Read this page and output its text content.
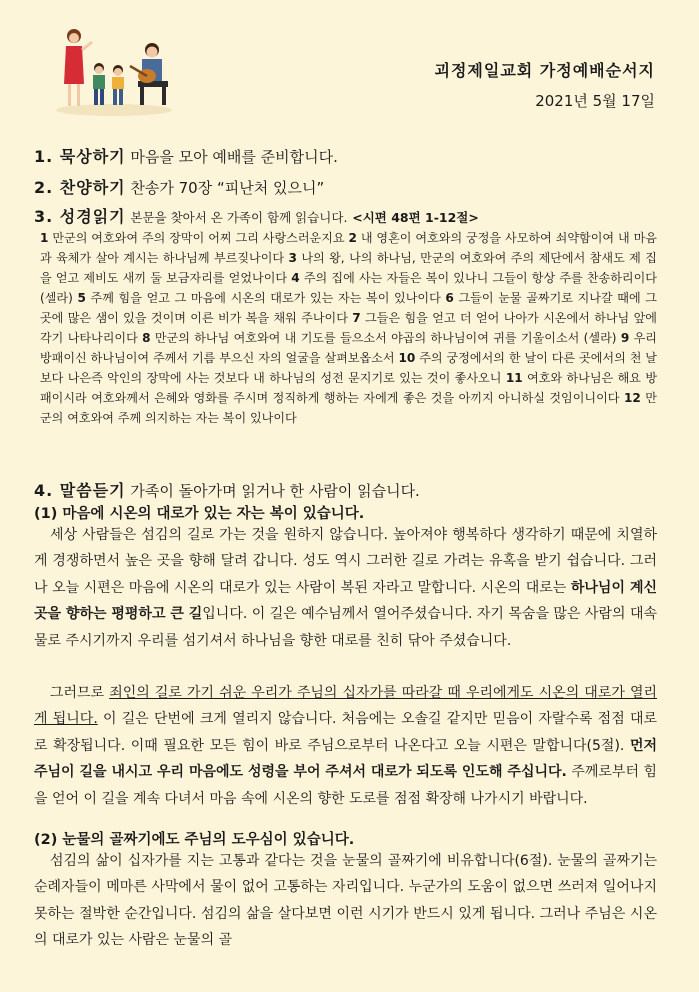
괴정제일교회 가정예배순서지
2021년 5월 17일
1. 묵상하기 마음을 모아 예배를 준비합니다.
2. 찬양하기 찬송가 70장 “피난처 있으니”
3. 성경읽기 본문을 찾아서 온 가족이 함께 읽습니다. <시편 48편 1-12절>
1 만군의 여호와여 주의 장막이 어찌 그리 사랑스러운지요 2 내 영혼이 여호와의 궁정을 사모하여 쇠약함이여 내 마음과 육체가 살아 계시는 하나님께 부르짖나이다 3 나의 왕, 나의 하나님, 만군의 여호와여 주의 제단에서 참새도 제 집을 얻고 제비도 새끼 둘 보금자리를 얻었나이다 4 주의 집에 사는 자들은 복이 있나니 그들이 항상 주를 찬송하리이다 (셀라) 5 주께 힘을 얻고 그 마음에 시온의 대로가 있는 자는 복이 있나이다 6 그들이 눈물 골짜기로 지나갈 때에 그 곳에 많은 샘이 있을 것이며 이른 비가 복을 채워 주나이다 7 그들은 힘을 얻고 더 얻어 나아가 시온에서 하나님 앞에 각기 나타나리이다 8 만군의 하나님 여호와여 내 기도를 들으소서 야곱의 하나님이여 귀를 기울이소서 (셀라) 9 우리 방패이신 하나님이여 주께서 기름 부으신 자의 얼굴을 살펴보옵소서 10 주의 궁정에서의 한 날이 다른 곳에서의 천 날보다 나은즉 악인의 장막에 사는 것보다 내 하나님의 성전 문지기로 있는 것이 좋사오니 11 여호와 하나님은 해요 방패이시라 여호와께서 은혜와 영화를 주시며 정직하게 행하는 자에게 좋은 것을 아끼지 아니하실 것임이니이다 12 만군의 여호와여 주께 의지하는 자는 복이 있나이다
4. 말씀듣기 가족이 돌아가며 읽거나 한 사람이 읽습니다.
(1) 마음에 시온의 대로가 있는 자는 복이 있습니다.
세상 사람들은 섬김의 길로 가는 것을 원하지 않습니다. 높아져야 행복하다 생각하기 때문에 치열하게 경쟁하면서 높은 곳을 향해 달려 갑니다. 성도 역시 그러한 길로 가려는 유혹을 받기 쉽습니다. 그러나 오늘 시편은 마음에 시온의 대로가 있는 사람이 복된 자라고 말합니다. 시온의 대로는 하나님이 계신 곳을 향하는 평평하고 큰 길입니다. 이 길은 예수님께서 열어주셨습니다. 자기 목숨을 많은 사람의 대속물로 주시기까지 우리를 섬기셔서 하나님을 향한 대로를 친히 닦아 주셨습니다.
그러므로 죄인의 길로 가기 쉬운 우리가 주님의 십자가를 따라갈 때 우리에게도 시온의 대로가 열리게 됩니다. 이 길은 단번에 크게 열리지 않습니다. 처음에는 오솔길 같지만 믿음이 자랄수록 점점 대로로 확장됩니다. 이때 필요한 모든 힘이 바로 주님으로부터 나온다고 오늘 시편은 말합니다(5절). 먼저 주님이 길을 내시고 우리 마음에도 성령을 부어 주셔서 대로가 되도록 인도해 주십니다. 주께로부터 힘을 얻어 이 길을 계속 다녀서 마음 속에 시온의 향한 도로를 점점 확장해 나가시기 바랍니다.
(2) 눈물의 골짜기에도 주님의 도우심이 있습니다.
섬김의 삶이 십자가를 지는 고통과 같다는 것을 눈물의 골짜기에 비유합니다(6절). 눈물의 골짜기는 순례자들이 메마른 사막에서 물이 없어 고통하는 자리입니다. 누군가의 도움이 없으면 쓰러져 일어나지 못하는 절박한 순간입니다. 섬김의 삶을 살다보면 이런 시기가 반드시 있게 됩니다. 그러나 주님은 시온의 대로가 있는 사람은 눈물의 골
